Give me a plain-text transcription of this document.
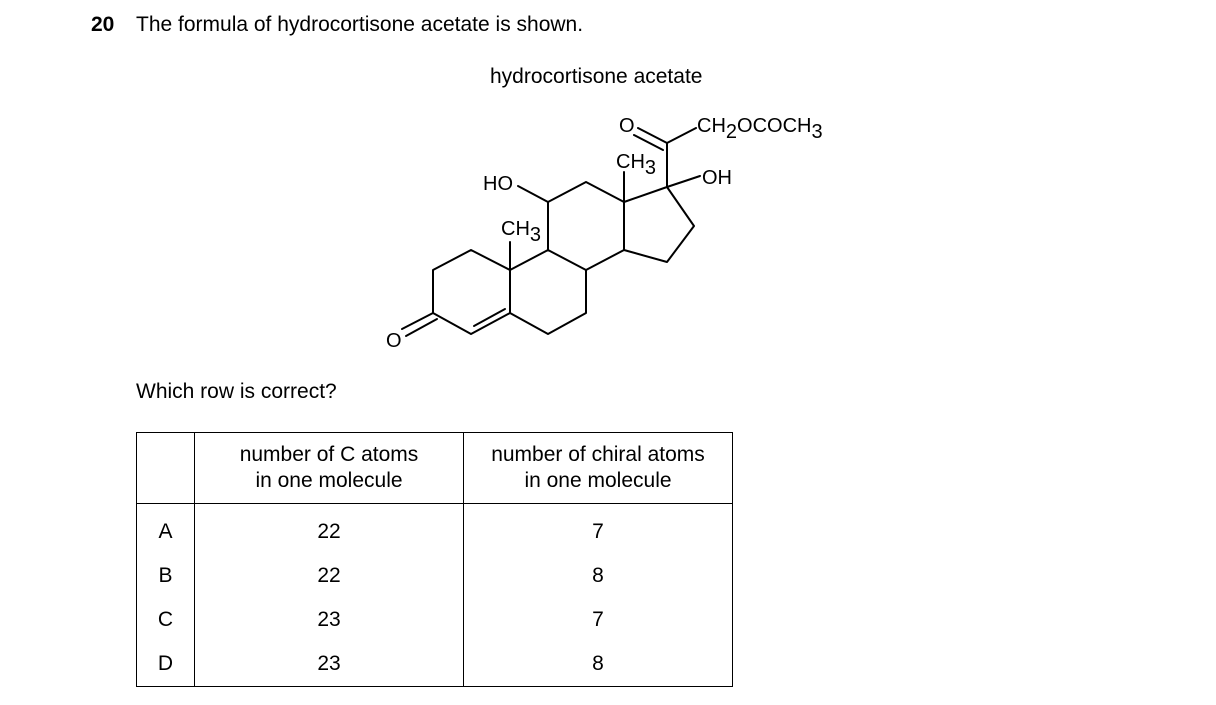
20 The formula of hydrocortisone acetate is shown.
hydrocortisone acetate
O
HO
CH3
CH3 OH
O	CH2OCOCH3
Which row is correct?

	number of C atoms
in one molecule	number of chiral atoms
in one molecule

A	22	7
B	22	8
C	23	7
D	23	8
